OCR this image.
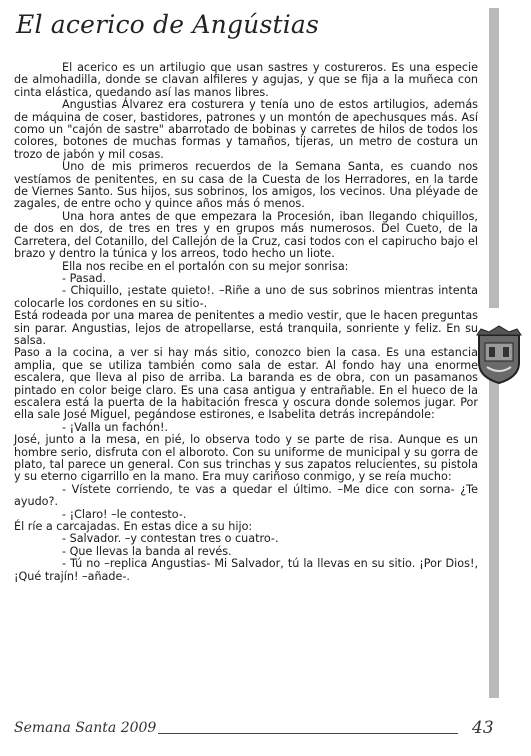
El acerico de Angústias

El acerico es un artilugio que usan sastres y costureros. Es una especie de almohadilla, donde se clavan alfileres y agujas, y que se fija a la muñeca con cinta elástica, quedando así las manos libres.

Angustias Álvarez era costurera y tenía uno de estos artilugios, además de máquina de coser, bastidores, patrones y un montón de apechusques más. Así como un "cajón de sastre" abarrotado de bobinas y carretes de hilos de todos los colores, botones de muchas formas y tamaños, tijeras, un metro de costura un trozo de jabón y mil cosas.

Uno de mis primeros recuerdos de la Semana Santa, es cuando nos vestíamos de penitentes, en su casa de la Cuesta de los Herradores, en la tarde de Viernes Santo. Sus hijos, sus sobrinos, los amigos, los vecinos. Una pléyade de zagales, de entre ocho y quince años más ó menos.

Una hora antes de que empezara la Procesión, iban llegando chiquillos, de dos en dos, de tres en tres y en grupos más numerosos. Del Cueto, de la Carretera, del Cotanillo, del Callejón de la Cruz, casi todos con el capirucho bajo el brazo y dentro la túnica y los arreos, todo hecho un liote.

Ella nos recibe en el portalón con su mejor sonrisa:

- Pasad.

- Chiquillo, ¡estate quieto!. –Riñe a uno de sus sobrinos mientras intenta colocarle los cordones en su sitio-.

Está rodeada por una marea de penitentes a medio vestir, que le hacen preguntas sin parar. Angustias, lejos de atropellarse, está tranquila, sonriente y feliz. En su salsa.

Paso a la cocina, a ver si hay más sitio, conozco bien la casa. Es una estancia amplia, que se utiliza también como sala de estar. Al fondo hay una enorme escalera, que lleva al piso de arriba. La baranda es de obra, con un pasamanos pintado en color beige claro. Es una casa antigua y entrañable. En el hueco de la escalera está la puerta de la habitación fresca y oscura donde solemos jugar. Por ella sale José Miguel, pegándose estirones, e Isabelita detrás increpándole:

- ¡Valla un fachón!.

José, junto a la mesa, en pié, lo observa todo y se parte de risa. Aunque es un hombre serio, disfruta con el alboroto. Con su uniforme de municipal y su gorra de plato, tal parece un general. Con sus trinchas y sus zapatos relucientes, su pistola y su eterno cigarrillo en la mano. Era muy cariñoso conmigo, y se reía mucho:

- Vístete corriendo, te vas a quedar el último. –Me dice con sorna- ¿Te ayudo?.

- ¡Claro! –le contesto-.

Él ríe a carcajadas. En estas dice a su hijo:

- Salvador. –y contestan tres o cuatro-.

- Que llevas la banda al revés.

- Tú no –replica Angustias- Mi Salvador, tú la llevas en su sitio. ¡Por Dios!, ¡Qué trajín! –añade-.

Semana Santa 2009	43
